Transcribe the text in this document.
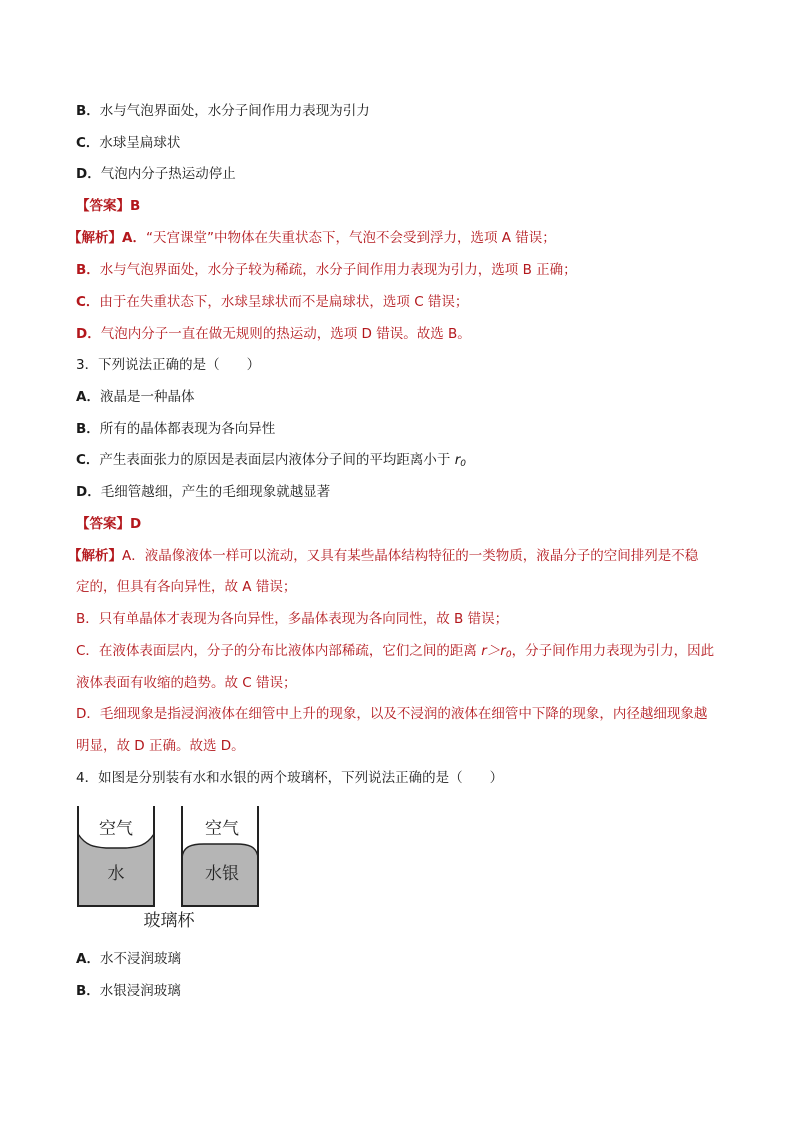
B．水与气泡界面处，水分子间作用力表现为引力
C．水球呈扁球状
D．气泡内分子热运动停止
【答案】B
【解析】A．“天宫课堂”中物体在失重状态下，气泡不会受到浮力，选项 A 错误；
B．水与气泡界面处，水分子较为稀疏，水分子间作用力表现为引力，选项 B 正确；
C．由于在失重状态下，水球呈球状而不是扁球状，选项 C 错误；
D．气泡内分子一直在做无规则的热运动，选项 D 错误。故选 B。
3．下列说法正确的是（　　）
A．液晶是一种晶体
B．所有的晶体都表现为各向异性
C．产生表面张力的原因是表面层内液体分子间的平均距离小于 $r_0$
D．毛细管越细，产生的毛细现象就越显著
【答案】D
【解析】A．液晶像液体一样可以流动，又具有某些晶体结构特征的一类物质，液晶分子的空间排列是不稳
定的，但具有各向异性，故 A 错误；
B．只有单晶体才表现为各向异性，多晶体表现为各向同性，故 B 错误；
C．在液体表面层内，分子的分布比液体内部稀疏，它们之间的距离 $r>r_0$，分子间作用力表现为引力，因此
液体表面有收缩的趋势。故 C 错误；
D．毛细现象是指浸润液体在细管中上升的现象，以及不浸润的液体在细管中下降的现象，内径越细现象越
明显，故 D 正确。故选 D。
4．如图是分别装有水和水银的两个玻璃杯，下列说法正确的是（　　）
空气
水
空气
水银
玻璃杯
A．水不浸润玻璃
B．水银浸润玻璃
